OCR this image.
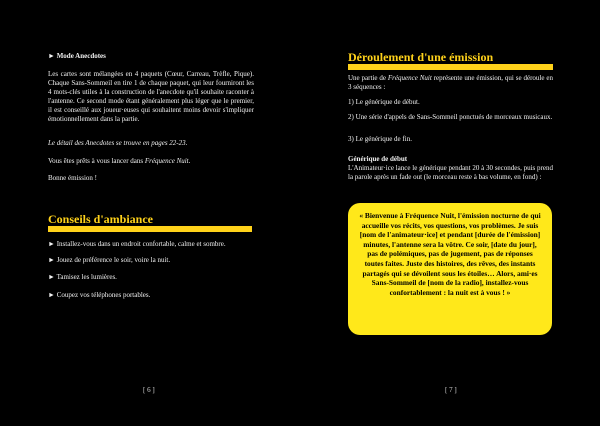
► Mode Anecdotes

Les cartes sont mélangées en 4 paquets (Cœur, Carreau, Trèfle, Pique). Chaque Sans-Sommeil en tire 1 de chaque paquet, qui leur fourniront les 4 mots-clés utiles à la construction de l'anecdote qu'il souhaite raconter à l'antenne. Ce second mode étant généralement plus léger que le premier, il est conseillé aux joueur·euses qui souhaitent moins devoir s'impliquer émotionnellement dans la partie.

Le détail des Anecdotes se trouve en pages 22-23.

Vous êtes prêts à vous lancer dans Fréquence Nuit.

Bonne émission !

Conseils d'ambiance
► Installez-vous dans un endroit confortable, calme et sombre.
► Jouez de préférence le soir, voire la nuit.
► Tamisez les lumières.
► Coupez vos téléphones portables.
[ 6 ]
Déroulement d'une émission

Une partie de Fréquence Nuit représente une émission, qui se déroule en 3 séquences :

1) Le générique de début.

2) Une série d'appels de Sans-Sommeil ponctués de morceaux musicaux.

3) Le générique de fin.

Générique de début

L'Animateur·ice lance le générique pendant 20 à 30 secondes, puis prend la parole après un fade out (le morceau reste à bas volume, en fond) :

« Bienvenue à Fréquence Nuit, l'émission nocturne de qui accueille vos récits, vos questions, vos problèmes. Je suis [nom de l'animateur·ice] et pendant [durée de l'émission] minutes, l'antenne sera la vôtre. Ce soir, [date du jour], pas de polémiques, pas de jugement, pas de réponses toutes faites. Juste des histoires, des rêves, des instants partagés qui se dévoilent sous les étoiles… Alors, ami·es Sans-Sommeil de [nom de la radio], installez-vous confortablement : la nuit est à vous ! »

[ 7 ]
